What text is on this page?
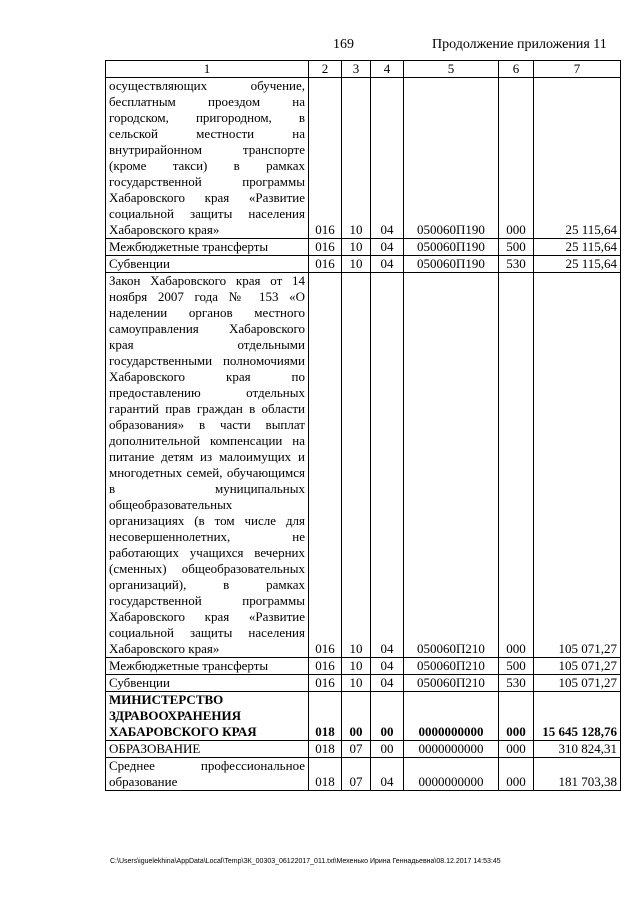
169	Продолжение приложения 11
1	2	3	4	5	6	7
осуществляющих обучение, бесплатным проездом на городском, пригородном, в сельской местности на внутрирайонном транспорте (кроме такси) в рамках государственной программы Хабаровского края «Развитие социальной защиты населения Хабаровского края»	016	10	04	050060П190	000	25 115,64
Межбюджетные трансферты	016	10	04	050060П190	500	25 115,64
Субвенции	016	10	04	050060П190	530	25 115,64
Закон Хабаровского края от 14 ноября 2007 года № 153 «О наделении органов местного самоуправления Хабаровского края отдельными государственными полномочиями Хабаровского края по предоставлению отдельных гарантий прав граждан в области образования» в части выплат дополнительной компенсации на питание детям из малоимущих и многодетных семей, обучающимся в муниципальных общеобразовательных организациях (в том числе для несовершеннолетних, не работающих учащихся вечерних (сменных) общеобразовательных организаций), в рамках государственной программы Хабаровского края «Развитие социальной защиты населения Хабаровского края»	016	10	04	050060П210	000	105 071,27
Межбюджетные трансферты	016	10	04	050060П210	500	105 071,27
Субвенции	016	10	04	050060П210	530	105 071,27
МИНИСТЕРСТВО ЗДРАВООХРАНЕНИЯ ХАБАРОВСКОГО КРАЯ	018	00	00	0000000000	000	15 645 128,76
ОБРАЗОВАНИЕ	018	07	00	0000000000	000	310 824,31
Среднее профессиональное образование	018	07	04	0000000000	000	181 703,38
C:\Users\iguelekhina\AppData\Local\Temp\ЗК_00303_06122017_011.txt\Мехенько Ирина Геннадьевна\08.12.2017 14:53:45
